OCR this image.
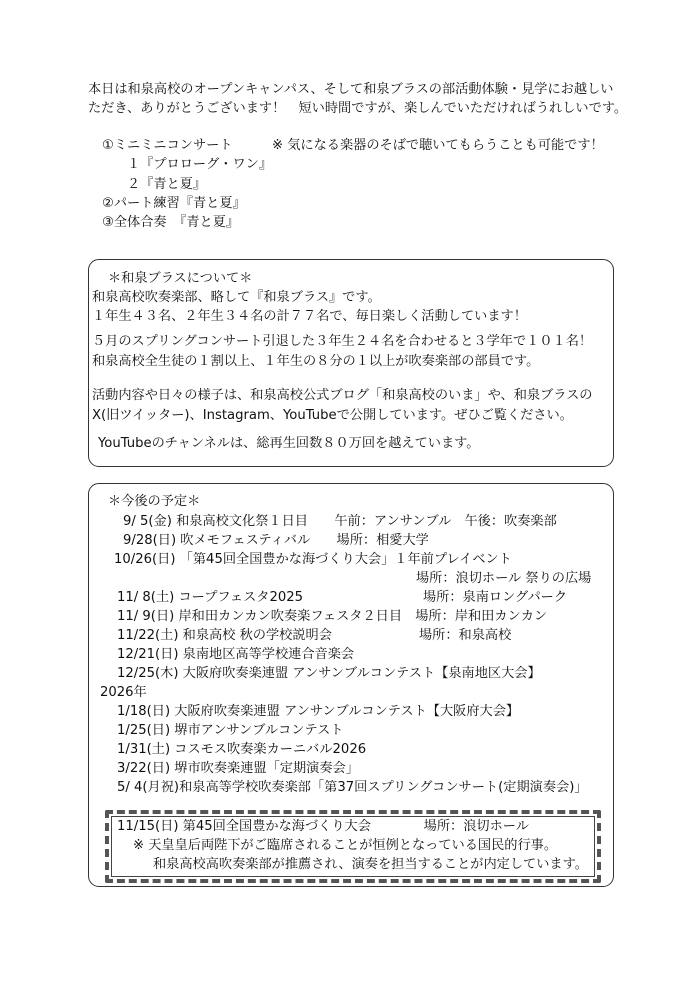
本日は和泉高校のオープンキャンパス、そして和泉ブラスの部活動体験・見学にお越しい
ただき、ありがとうございます！　短い時間ですが、楽しんでいただければうれしいです。
①ミニミニコンサート	※ 気になる楽器のそばで聴いてもらうことも可能です！
１『プロローグ・ワン』
２『青と夏』
②パート練習『青と夏』
③全体合奏　『青と夏』
＊和泉ブラスについて＊
和泉高校吹奏楽部、略して『和泉ブラス』です。
１年生４３名、２年生３４名の計７７名で、毎日楽しく活動しています！
５月のスプリングコンサート引退した３年生２４名を合わせると３学年で１０１名！
和泉高校全生徒の１割以上、１年生の８分の１以上が吹奏楽部の部員です。
活動内容や日々の様子は、和泉高校公式ブログ「和泉高校のいま」や、和泉ブラスの
X(旧ツイッター)、Instagram、YouTubeで公開しています。ぜひご覧ください。
YouTubeのチャンネルは、総再生回数８０万回を越えています。
＊今後の予定＊
9/ 5(金) 和泉高校文化祭１日目　　午前：アンサンブル　午後：吹奏楽部
9/28(日) 吹メモフェスティバル　　場所：相愛大学
10/26(日) 「第45回全国豊かな海づくり大会」１年前プレイベント
場所：浪切ホール 祭りの広場
11/ 8(土) コープフェスタ2025	場所：泉南ロングパーク
11/ 9(日) 岸和田カンカン吹奏楽フェスタ２日目　場所：岸和田カンカン
11/22(土) 和泉高校 秋の学校説明会	場所：和泉高校
12/21(日) 泉南地区高等学校連合音楽会
12/25(木) 大阪府吹奏楽連盟 アンサンブルコンテスト【泉南地区大会】
2026年
1/18(日) 大阪府吹奏楽連盟 アンサンブルコンテスト【大阪府大会】
1/25(日) 堺市アンサンブルコンテスト
1/31(土) コスモス吹奏楽カーニバル2026
3/22(日) 堺市吹奏楽連盟「定期演奏会」
5/ 4(月祝)和泉高等学校吹奏楽部「第37回スプリングコンサート(定期演奏会)」
11/15(日) 第45回全国豊かな海づくり大会　　　　場所：浪切ホール
※ 天皇皇后両陛下がご臨席されることが恒例となっている国民的行事。
和泉高校高吹奏楽部が推薦され、演奏を担当することが内定しています。
